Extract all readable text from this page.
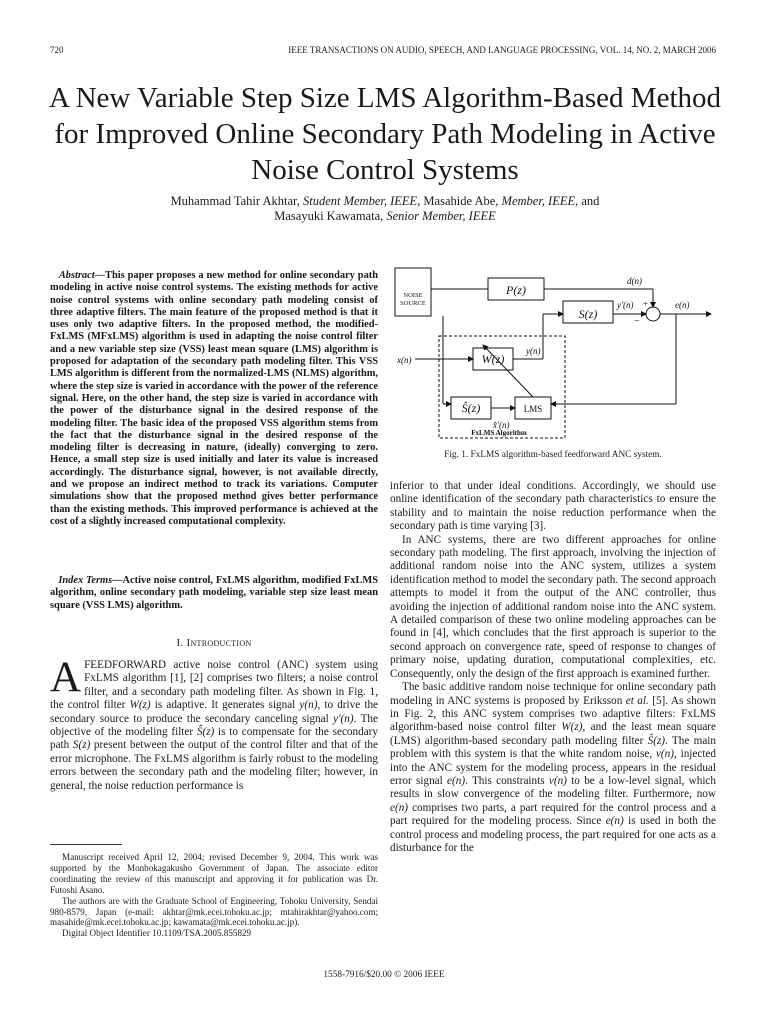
720	IEEE TRANSACTIONS ON AUDIO, SPEECH, AND LANGUAGE PROCESSING, VOL. 14, NO. 2, MARCH 2006
A New Variable Step Size LMS Algorithm-Based Method for Improved Online Secondary Path Modeling in Active Noise Control Systems
Muhammad Tahir Akhtar, Student Member, IEEE, Masahide Abe, Member, IEEE, and
Masayuki Kawamata, Senior Member, IEEE
Abstract—This paper proposes a new method for online secondary path modeling in active noise control systems. The existing methods for active noise control systems with online secondary path modeling consist of three adaptive filters. The main feature of the proposed method is that it uses only two adaptive filters. In the proposed method, the modified-FxLMS (MFxLMS) algorithm is used in adapting the noise control filter and a new variable step size (VSS) least mean square (LMS) algorithm is proposed for adaptation of the secondary path modeling filter. This VSS LMS algorithm is different from the normalized-LMS (NLMS) algorithm, where the step size is varied in accordance with the power of the reference signal. Here, on the other hand, the step size is varied in accordance with the power of the disturbance signal in the desired response of the modeling filter. The basic idea of the proposed VSS algorithm stems from the fact that the disturbance signal in the desired response of the modeling filter is decreasing in nature, (ideally) converging to zero. Hence, a small step size is used initially and later its value is increased accordingly. The disturbance signal, however, is not available directly, and we propose an indirect method to track its variations. Computer simulations show that the proposed method gives better performance than the existing methods. This improved performance is achieved at the cost of a slightly increased computational complexity.
Index Terms—Active noise control, FxLMS algorithm, modified FxLMS algorithm, online secondary path modeling, variable step size least mean square (VSS LMS) algorithm.
I. Introduction
AFEEDFORWARD active noise control (ANC) system using FxLMS algorithm [1], [2] comprises two filters; a noise control filter, and a secondary path modeling filter. As shown in Fig. 1, the control filter W(z) is adaptive. It generates signal y(n), to drive the secondary source to produce the secondary canceling signal y′(n). The objective of the modeling filter Ŝ(z) is to compensate for the secondary path S(z) present between the output of the control filter and that of the error microphone. The FxLMS algorithm is fairly robust to the modeling errors between the secondary path and the modeling filter; however, in general, the noise reduction performance is

Manuscript received April 12, 2004; revised December 9, 2004. This work was supported by the Monbokagakusho Government of Japan. The associate editor coordinating the review of this manuscript and approving it for publication was Dr. Futoshi Asano.

The authors are with the Graduate School of Engineering, Tohoku University, Sendai 980-8579, Japan (e-mail: akhtar@mk.ecei.tohoku.ac.jp; mtahirakhtar@yahoo.com; masahide@mk.ecei.tohoku.ac.jp; kawamata@mk.ecei.tohoku.ac.jp).

Digital Object Identifier 10.1109/TSA.2005.855829

NOISE
SOURCE
P(z)
S(z)
W(z)
Ŝ(z)	LMS
d(n)
y′(n)	e(n)
x(n)
y(n)
x̂′(n)
+
−
FxLMS Algorithm
Fig. 1. FxLMS algorithm-based feedforward ANC system.

inferior to that under ideal conditions. Accordingly, we should use online identification of the secondary path characteristics to ensure the stability and to maintain the noise reduction performance when the secondary path is time varying [3].

In ANC systems, there are two different approaches for online secondary path modeling. The first approach, involving the injection of additional random noise into the ANC system, utilizes a system identification method to model the secondary path. The second approach attempts to model it from the output of the ANC controller, thus avoiding the injection of additional random noise into the ANC system. A detailed comparison of these two online modeling approaches can be found in [4], which concludes that the first approach is superior to the second approach on convergence rate, speed of response to changes of primary noise, updating duration, computational complexities, etc. Consequently, only the design of the first approach is examined further.

The basic additive random noise technique for online secondary path modeling in ANC systems is proposed by Eriksson et al. [5]. As shown in Fig. 2, this ANC system comprises two adaptive filters: FxLMS algorithm-based noise control filter W(z), and the least mean square (LMS) algorithm-based secondary path modeling filter Ŝ(z). The main problem with this system is that the white random noise, v(n), injected into the ANC system for the modeling process, appears in the residual error signal e(n). This constraints v(n) to be a low-level signal, which results in slow convergence of the modeling filter. Furthermore, now e(n) comprises two parts, a part required for the control process and a part required for the modeling process. Since e(n) is used in both the control process and modeling process, the part required for one acts as a disturbance for the

1558-7916/$20.00 © 2006 IEEE
